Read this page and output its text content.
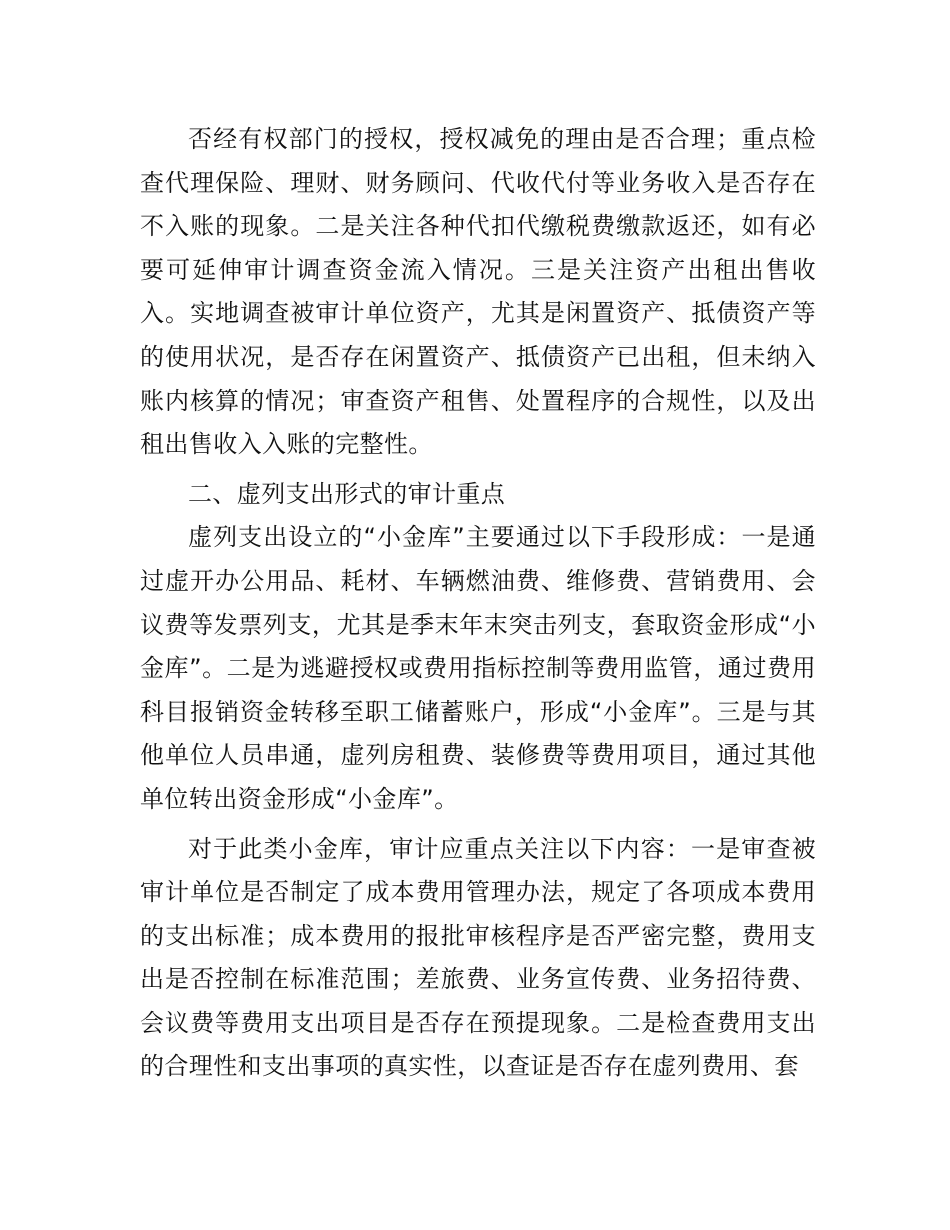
否经有权部门的授权，授权减免的理由是否合理；重点检查代理保险、理财、财务顾问、代收代付等业务收入是否存在不入账的现象。二是关注各种代扣代缴税费缴款返还，如有必要可延伸审计调查资金流入情况。三是关注资产出租出售收入。实地调查被审计单位资产，尤其是闲置资产、抵债资产等的使用状况，是否存在闲置资产、抵债资产已出租，但未纳入账内核算的情况；审查资产租售、处置程序的合规性，以及出租出售收入入账的完整性。

二、虚列支出形式的审计重点

虚列支出设立的“小金库”主要通过以下手段形成：一是通过虚开办公用品、耗材、车辆燃油费、维修费、营销费用、会议费等发票列支，尤其是季末年末突击列支，套取资金形成“小金库”。二是为逃避授权或费用指标控制等费用监管，通过费用科目报销资金转移至职工储蓄账户，形成“小金库”。三是与其他单位人员串通，虚列房租费、装修费等费用项目，通过其他单位转出资金形成“小金库”。

对于此类小金库，审计应重点关注以下内容：一是审查被审计单位是否制定了成本费用管理办法，规定了各项成本费用的支出标准；成本费用的报批审核程序是否严密完整，费用支出是否控制在标准范围；差旅费、业务宣传费、业务招待费、会议费等费用支出项目是否存在预提现象。二是检查费用支出的合理性和支出事项的真实性，以查证是否存在虚列费用、套
